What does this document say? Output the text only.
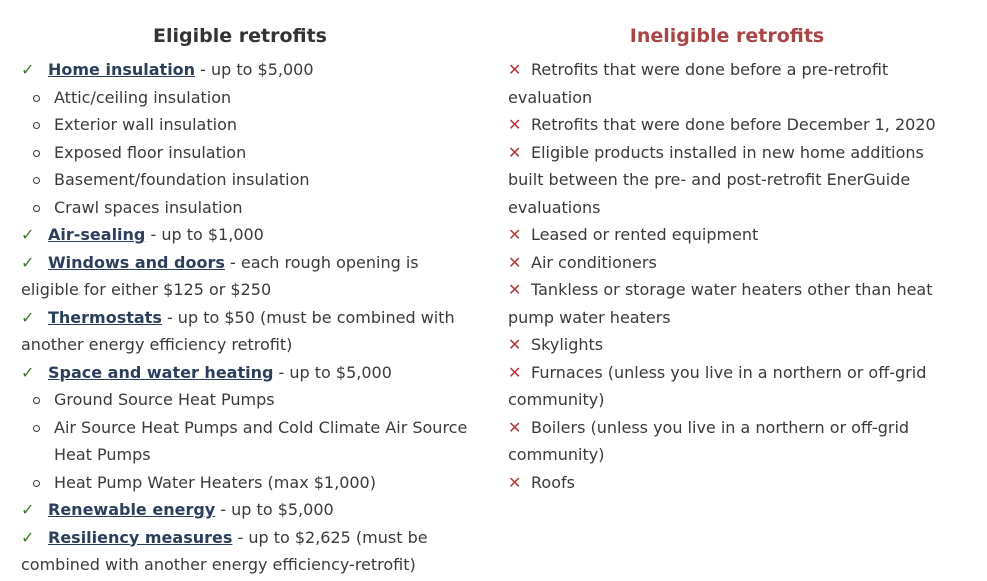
Eligible retrofits

✓ Home insulation - up to $5,000

Attic/ceiling insulation

Exterior wall insulation

Exposed floor insulation

Basement/foundation insulation

Crawl spaces insulation

✓ Air-sealing - up to $1,000

✓ Windows and doors - each rough opening is eligible for either $125 or $250

✓ Thermostats - up to $50 (must be combined with another energy efficiency retrofit)

✓ Space and water heating - up to $5,000

Ground Source Heat Pumps

Air Source Heat Pumps and Cold Climate Air Source Heat Pumps

Heat Pump Water Heaters (max $1,000)

✓ Renewable energy - up to $5,000

✓ Resiliency measures - up to $2,625 (must be combined with another energy efficiency-retrofit)

Ineligible retrofits

✕ Retrofits that were done before a pre-retrofit evaluation

✕ Retrofits that were done before December 1, 2020

✕ Eligible products installed in new home additions built between the pre- and post-retrofit EnerGuide evaluations

✕ Leased or rented equipment

✕ Air conditioners

✕ Tankless or storage water heaters other than heat pump water heaters

✕ Skylights

✕ Furnaces (unless you live in a northern or off-grid community)

✕ Boilers (unless you live in a northern or off-grid community)

✕ Roofs
